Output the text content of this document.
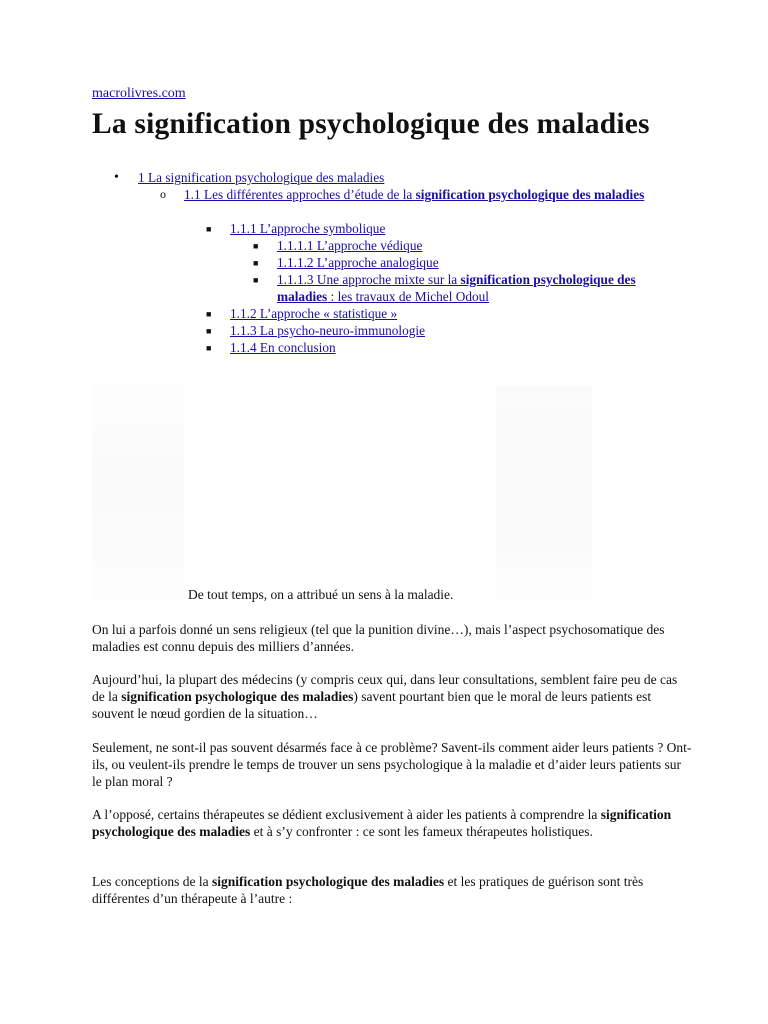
macrolivres.com
La signification psychologique des maladies
• 1 La signification psychologique des maladies
o 1.1 Les différentes approches d’étude de la signification psychologique des maladies
■ 1.1.1 L’approche symbolique
■ 1.1.1.1 L’approche védique
■ 1.1.1.2 L’approche analogique
■ 1.1.1.3 Une approche mixte sur la signification psychologique des maladies : les travaux de Michel Odoul
■ 1.1.2 L’approche « statistique »
■ 1.1.3 La psycho-neuro-immunologie
■ 1.1.4 En conclusion
De tout temps, on a attribué un sens à la maladie.

On lui a parfois donné un sens religieux (tel que la punition divine…), mais l’aspect psychosomatique des maladies est connu depuis des milliers d’années.

Aujourd’hui, la plupart des médecins (y compris ceux qui, dans leur consultations, semblent faire peu de cas de la signification psychologique des maladies) savent pourtant bien que le moral de leurs patients est souvent le nœud gordien de la situation…

Seulement, ne sont-il pas souvent désarmés face à ce problème? Savent-ils comment aider leurs patients ? Ont-ils, ou veulent-ils prendre le temps de trouver un sens psychologique à la maladie et d’aider leurs patients sur le plan moral ?

A l’opposé, certains thérapeutes se dédient exclusivement à aider les patients à comprendre la signification psychologique des maladies et à s’y confronter : ce sont les fameux thérapeutes holistiques.

Les conceptions de la signification psychologique des maladies et les pratiques de guérison sont très différentes d’un thérapeute à l’autre :
